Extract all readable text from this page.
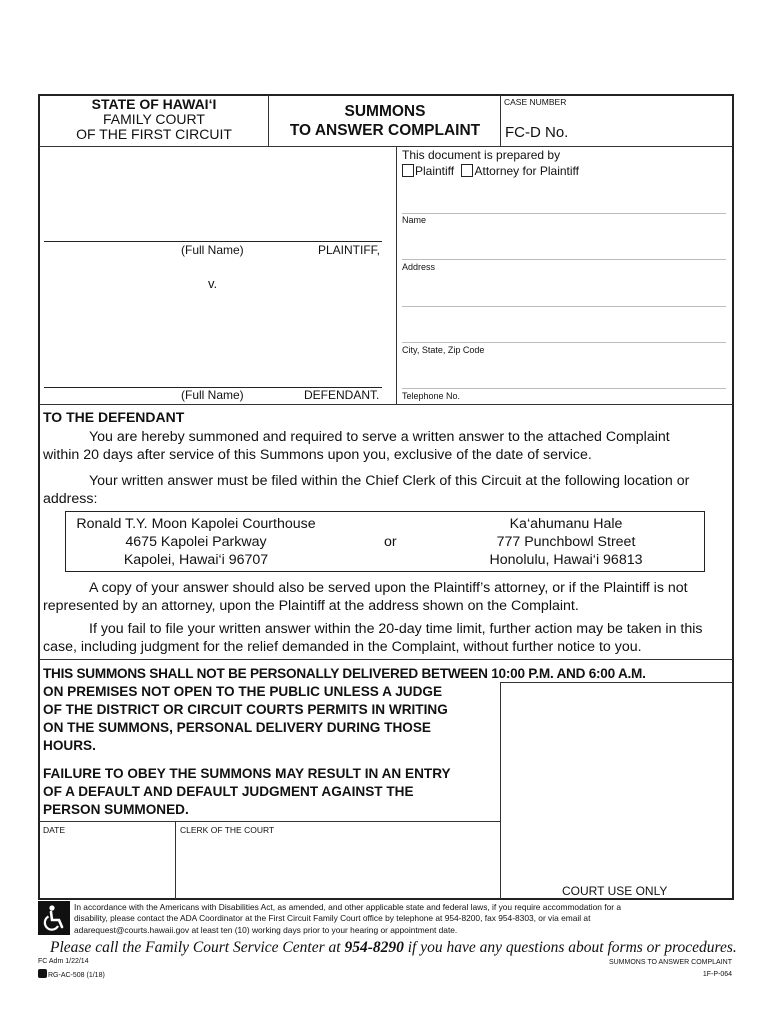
STATE OF HAWAI‘I
FAMILY COURT
OF THE FIRST CIRCUIT
SUMMONS
TO ANSWER COMPLAINT
CASE NUMBER
FC-D No.
(Full Name)	PLAINTIFF,
v.
(Full Name)	DEFENDANT.
This document is prepared by
Plaintiff Attorney for Plaintiff
Name
Address
City, State, Zip Code
Telephone No.
TO THE DEFENDANT
You are hereby summoned and required to serve a written answer to the attached Complaint
within 20 days after service of this Summons upon you, exclusive of the date of service.
Your written answer must be filed within the Chief Clerk of this Circuit at the following location or
address:
Ronald T.Y. Moon Kapolei Courthouse
4675 Kapolei Parkway
Kapolei, Hawai‘i 96707
or
Ka‘ahumanu Hale
777 Punchbowl Street
Honolulu, Hawai‘i 96813
A copy of your answer should also be served upon the Plaintiff’s attorney, or if the Plaintiff is not
represented by an attorney, upon the Plaintiff at the address shown on the Complaint.
If you fail to file your written answer within the 20-day time limit, further action may be taken in this
case, including judgment for the relief demanded in the Complaint, without further notice to you.
THIS SUMMONS SHALL NOT BE PERSONALLY DELIVERED BETWEEN 10:00 P.M. AND 6:00 A.M.
ON PREMISES NOT OPEN TO THE PUBLIC UNLESS A JUDGE
OF THE DISTRICT OR CIRCUIT COURTS PERMITS IN WRITING
ON THE SUMMONS, PERSONAL DELIVERY DURING THOSE
HOURS.
FAILURE TO OBEY THE SUMMONS MAY RESULT IN AN ENTRY
OF A DEFAULT AND DEFAULT JUDGMENT AGAINST THE
PERSON SUMMONED.
DATE	CLERK OF THE COURT
COURT USE ONLY
In accordance with the Americans with Disabilities Act, as amended, and other applicable state and federal laws, if you require accommodation for a
disability, please contact the ADA Coordinator at the First Circuit Family Court office by telephone at 954-8200, fax 954-8303, or via email at
adarequest@courts.hawaii.gov at least ten (10) working days prior to your hearing or appointment date.
Please call the Family Court Service Center at 954-8290 if you have any questions about forms or procedures.
FC Adm 1/22/14
RG-AC-508 (1/18)
SUMMONS TO ANSWER COMPLAINT
1F-P-064
